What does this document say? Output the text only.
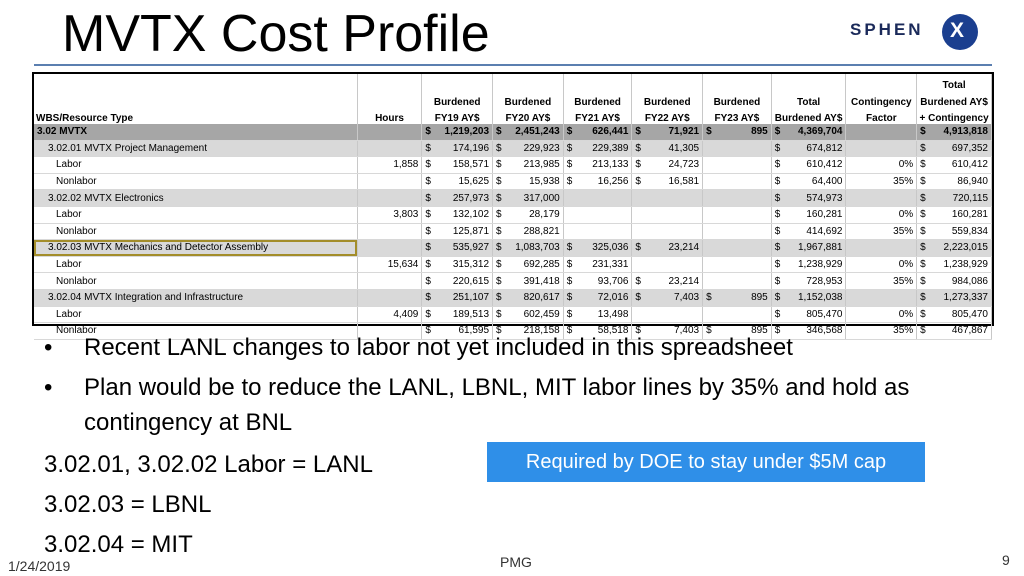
MVTX Cost Profile	SPHEN X
									Total
		Burdened	Burdened	Burdened	Burdened	Burdened	Total	Contingency	Burdened AY$
WBS/Resource Type	Hours	FY19 AY$	FY20 AY$	FY21 AY$	FY22 AY$	FY23 AY$	Burdened AY$	Factor	+ Contingency
3.02 MVTX		$ 1,219,203	$ 2,451,243	$ 626,441	$ 71,921	$ 895	$ 4,369,704		$ 4,913,818

3.02.01 MVTX Project Management		$ 174,196	$ 229,923	$ 229,389	$ 41,305		$ 674,812		$ 697,352

Labor	1,858	$ 158,571	$ 213,985	$ 213,133	$ 24,723		$ 610,412	0%	$ 610,412

Nonlabor		$ 15,625	$ 15,938	$ 16,256	$ 16,581		$ 64,400	35%	$ 86,940

3.02.02 MVTX Electronics		$ 257,973	$ 317,000				$ 574,973		$ 720,115

Labor	3,803	$ 132,102	$ 28,179				$ 160,281	0%	$ 160,281

Nonlabor		$ 125,871	$ 288,821				$ 414,692	35%	$ 559,834

3.02.03 MVTX Mechanics and Detector Assembly		$ 535,927	$ 1,083,703	$ 325,036	$ 23,214		$ 1,967,881		$ 2,223,015

Labor	15,634	$ 315,312	$ 692,285	$ 231,331			$ 1,238,929	0%	$ 1,238,929

Nonlabor		$ 220,615	$ 391,418	$ 93,706	$ 23,214		$ 728,953	35%	$ 984,086

3.02.04 MVTX Integration and Infrastructure		$ 251,107	$ 820,617	$ 72,016	$ 7,403	$ 895	$ 1,152,038		$ 1,273,337

Labor	4,409	$ 189,513	$ 602,459	$ 13,498			$ 805,470	0%	$ 805,470

Nonlabor		$ 61,595	$ 218,158	$ 58,518	$ 7,403	$ 895	$ 346,568	35%	$ 467,867
• Recent LANL changes to labor not yet included in this spreadsheet
• Plan would be to reduce the LANL, LBNL, MIT labor lines by 35% and hold as contingency at BNL
3.02.01, 3.02.02 Labor = LANL
3.02.03 = LBNL
3.02.04 = MIT
Required by DOE to stay under $5M cap
1/24/2019	PMG	9
